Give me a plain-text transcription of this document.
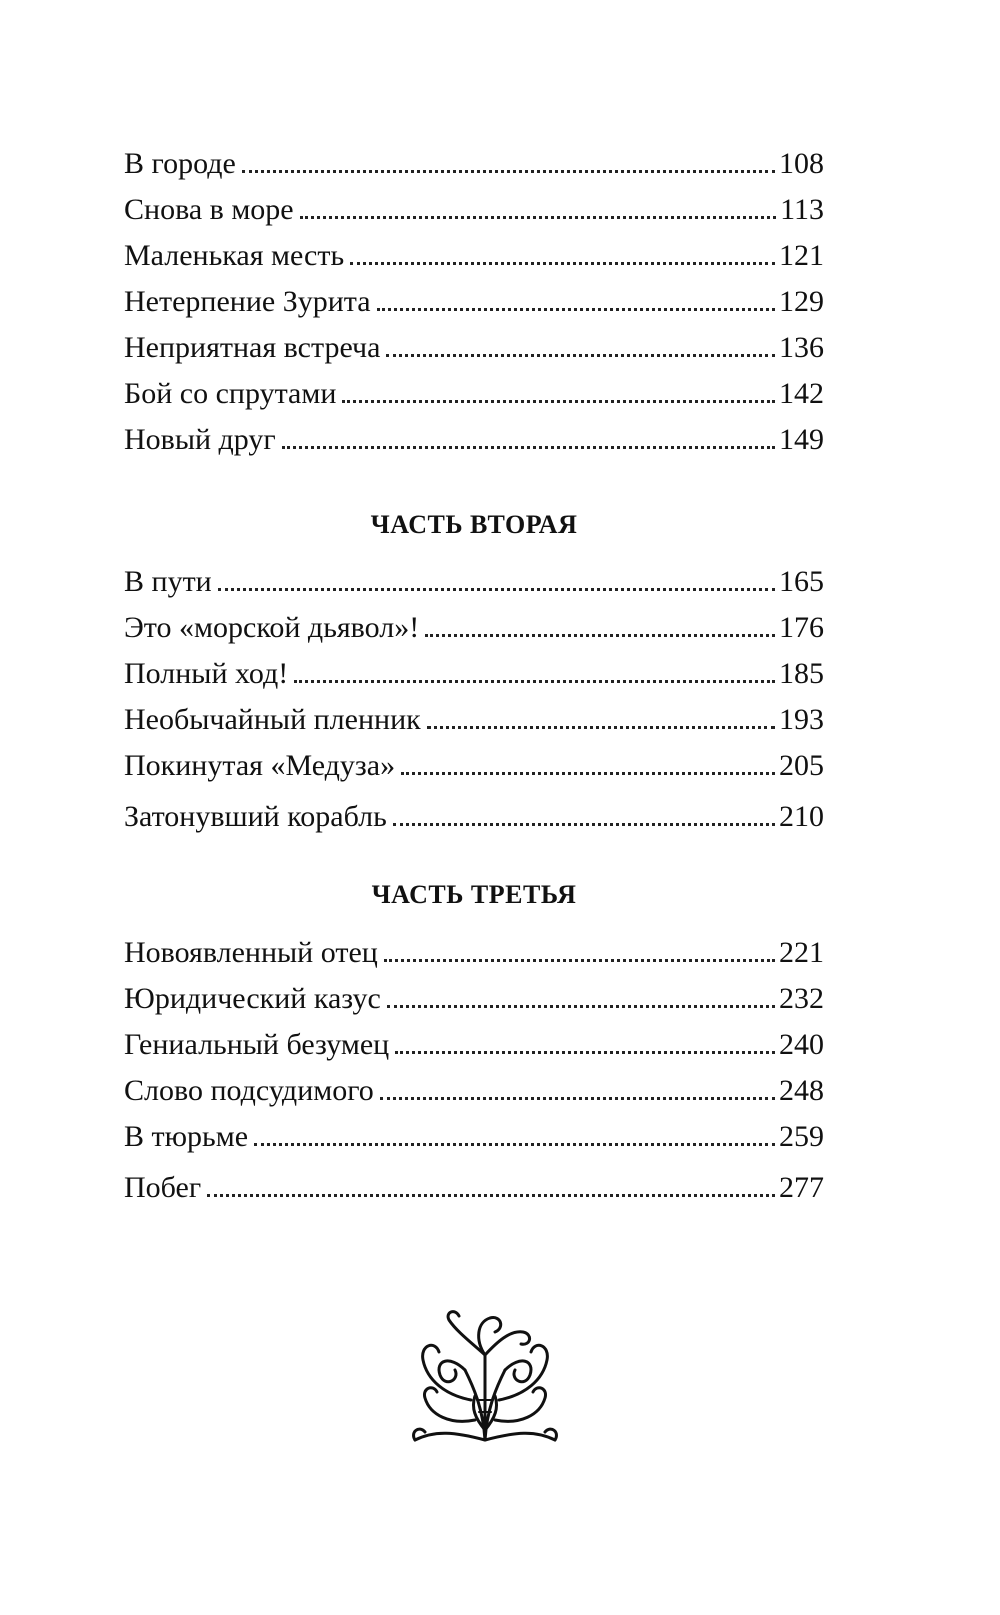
В городе	108
Снова в море	113
Маленькая месть	121
Нетерпение Зурита	129
Неприятная встреча	136
Бой со спрутами	142
Новый друг	149
ЧАСТЬ ВТОРАЯ
В пути	165
Это «морской дьявол»!	176
Полный ход!	185
Необычайный пленник	193
Покинутая «Медуза»	205
Затонувший корабль	210
ЧАСТЬ ТРЕТЬЯ
Новоявленный отец	221
Юридический казус	232
Гениальный безумец	240
Слово подсудимого	248
В тюрьме	259
Побег	277
